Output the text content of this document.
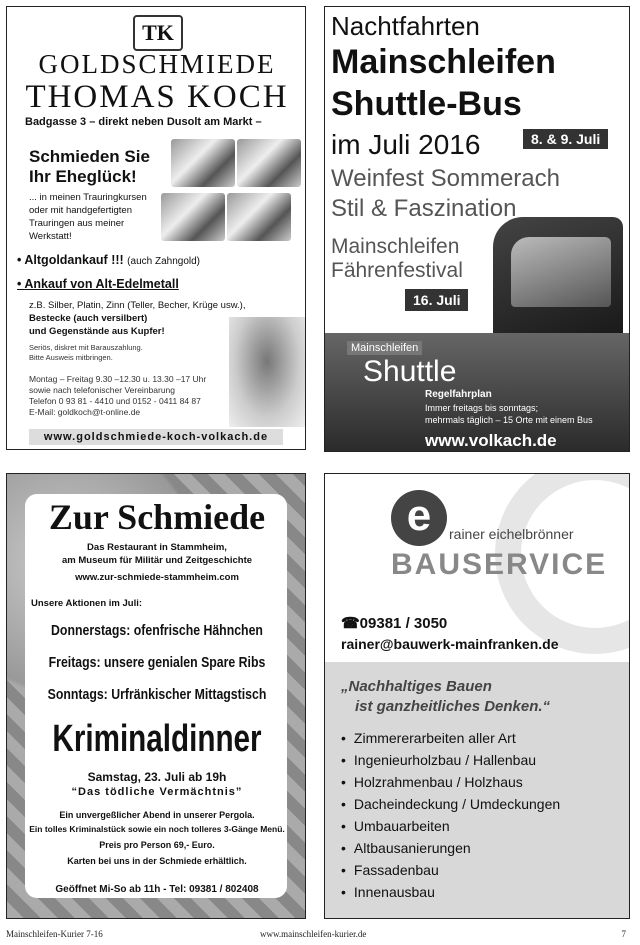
TK
GOLDSCHMIEDE
THOMAS KOCH
Badgasse 3 – direkt neben Dusolt am Markt –
Schmieden Sie Ihr Eheglück!
... in meinen Trauringkursen oder mit handgefertigten Trauringen aus meiner Werkstatt!
• Altgoldankauf !!! (auch Zahngold)
• Ankauf von Alt-Edelmetall
z.B. Silber, Platin, Zinn (Teller, Becher, Krüge usw.),
Bestecke (auch versilbert)
und Gegenstände aus Kupfer!
Seriös, diskret mit Barauszahlung.
Bitte Ausweis mitbringen.
Montag – Freitag 9.30 –12.30 u. 13.30 –17 Uhr
sowie nach telefonischer Vereinbarung
Telefon 0 93 81 - 4410 und 0152 - 0411 84 87
E-Mail: goldkoch@t-online.de
www.goldschmiede-koch-volkach.de
Nachtfahrten
Mainschleifen
Shuttle-Bus
im Juli 2016	8. & 9. Juli
Weinfest Sommerach
Stil & Faszination
Mainschleifen
Fährenfestival
16. Juli
Mainschleifen
Shuttle
Regelfahrplan
Immer freitags bis sonntags;
mehrmals täglich – 15 Orte mit einem Bus
www.volkach.de
Zur Schmiede
Das Restaurant in Stammheim,
am Museum für Militär und Zeitgeschichte
www.zur-schmiede-stammheim.com
Unsere Aktionen im Juli:
Donnerstags: ofenfrische Hähnchen
Freitags: unsere genialen Spare Ribs
Sonntags: Urfränkischer Mittagstisch
Kriminaldinner
Samstag, 23. Juli ab 19h
“Das tödliche Vermächtnis”
Ein unvergeßlicher Abend in unserer Pergola.
Ein tolles Kriminalstück sowie ein noch tolleres 3-Gänge Menü.
Preis pro Person 69,- Euro.
Karten bei uns in der Schmiede erhältlich.
Geöffnet Mi-So ab 11h - Tel: 09381 / 802408
e	rainer eichelbrönner
BAUSERVICE
☎09381 / 3050
rainer@bauwerk-mainfranken.de
„Nachhaltiges Bauen
ist ganzheitliches Denken.“
• Zimmererarbeiten aller Art
• Ingenieurholzbau / Hallenbau
• Holzrahmenbau / Holzhaus
• Dacheindeckung / Umdeckungen
• Umbauarbeiten
• Altbausanierungen
• Fassadenbau
• Innenausbau
Mainschleifen-Kurier 7-16	www.mainschleifen-kurier.de	7
